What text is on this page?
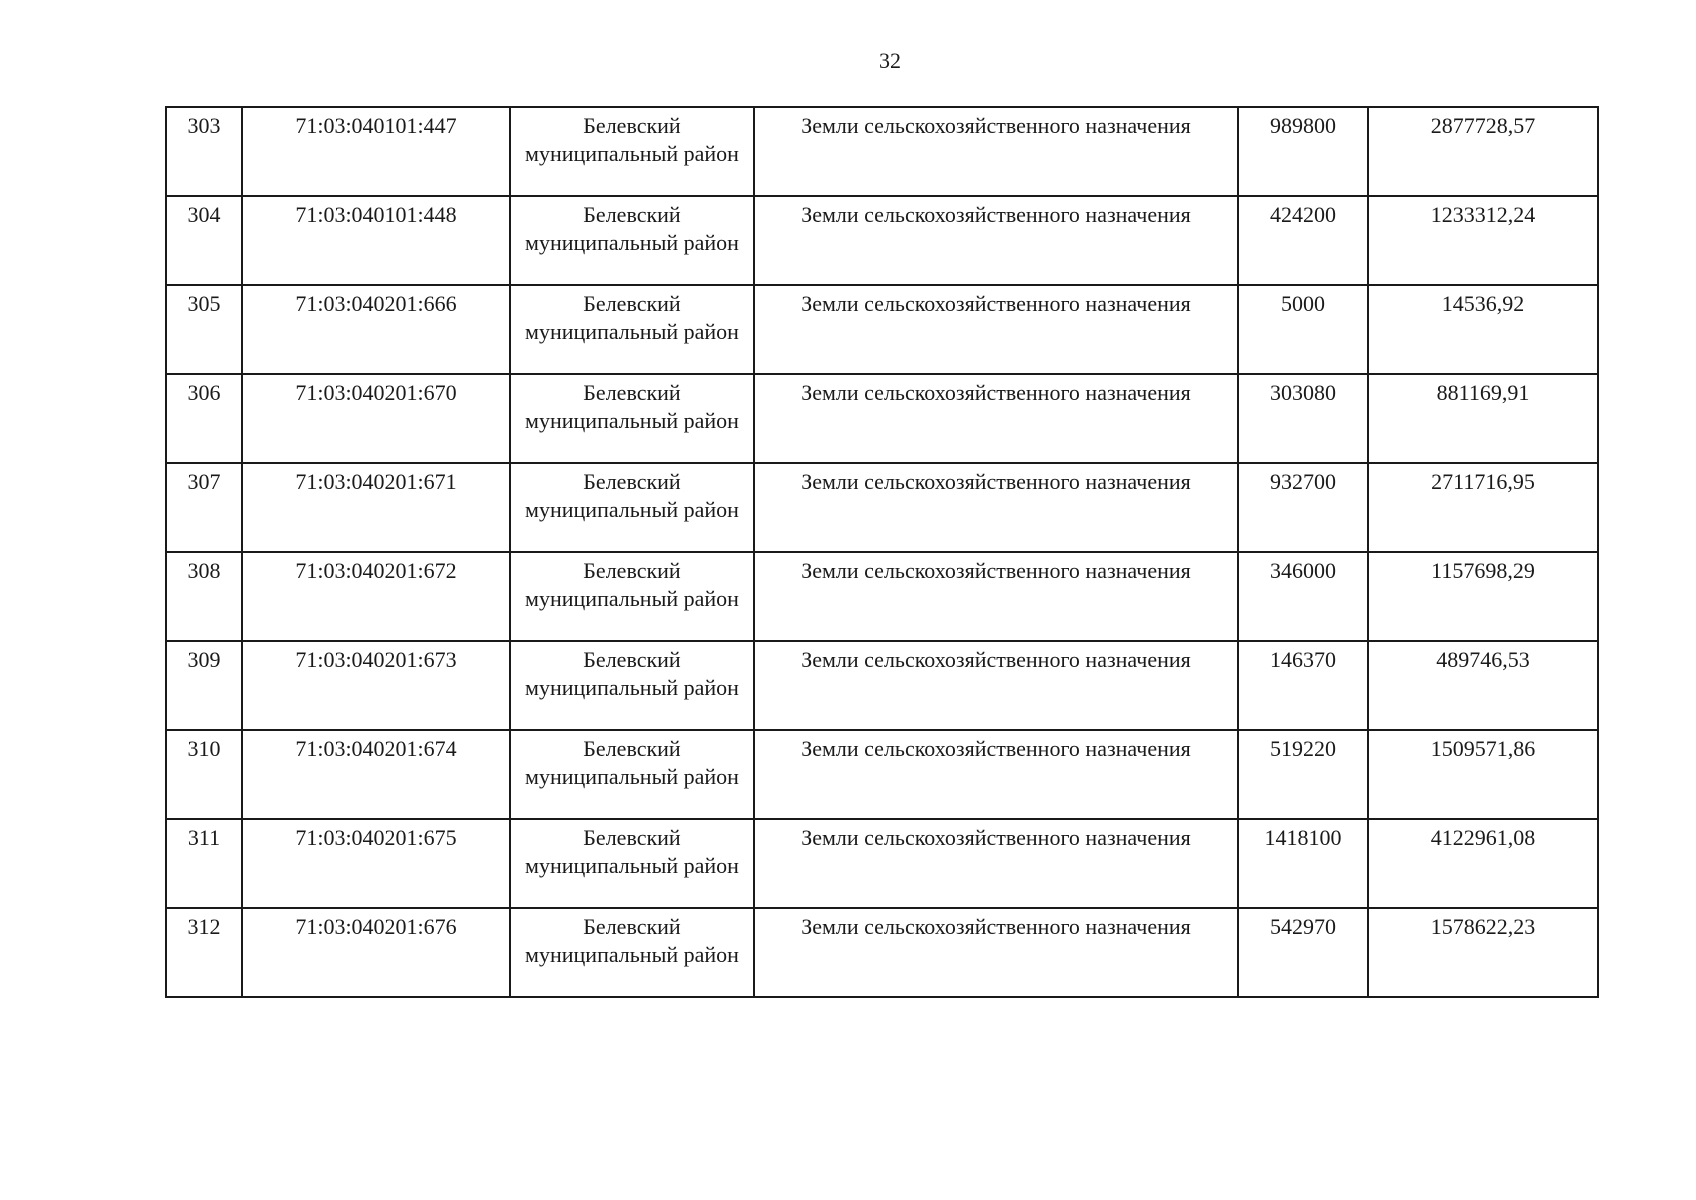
32
303	71:03:040101:447	Белевский муниципальный район	Земли сельскохозяйственного назначения	989800	2877728,57
304	71:03:040101:448	Белевский муниципальный район	Земли сельскохозяйственного назначения	424200	1233312,24
305	71:03:040201:666	Белевский муниципальный район	Земли сельскохозяйственного назначения	5000	14536,92
306	71:03:040201:670	Белевский муниципальный район	Земли сельскохозяйственного назначения	303080	881169,91
307	71:03:040201:671	Белевский муниципальный район	Земли сельскохозяйственного назначения	932700	2711716,95
308	71:03:040201:672	Белевский муниципальный район	Земли сельскохозяйственного назначения	346000	1157698,29
309	71:03:040201:673	Белевский муниципальный район	Земли сельскохозяйственного назначения	146370	489746,53
310	71:03:040201:674	Белевский муниципальный район	Земли сельскохозяйственного назначения	519220	1509571,86
311	71:03:040201:675	Белевский муниципальный район	Земли сельскохозяйственного назначения	1418100	4122961,08
312	71:03:040201:676	Белевский муниципальный район	Земли сельскохозяйственного назначения	542970	1578622,23
